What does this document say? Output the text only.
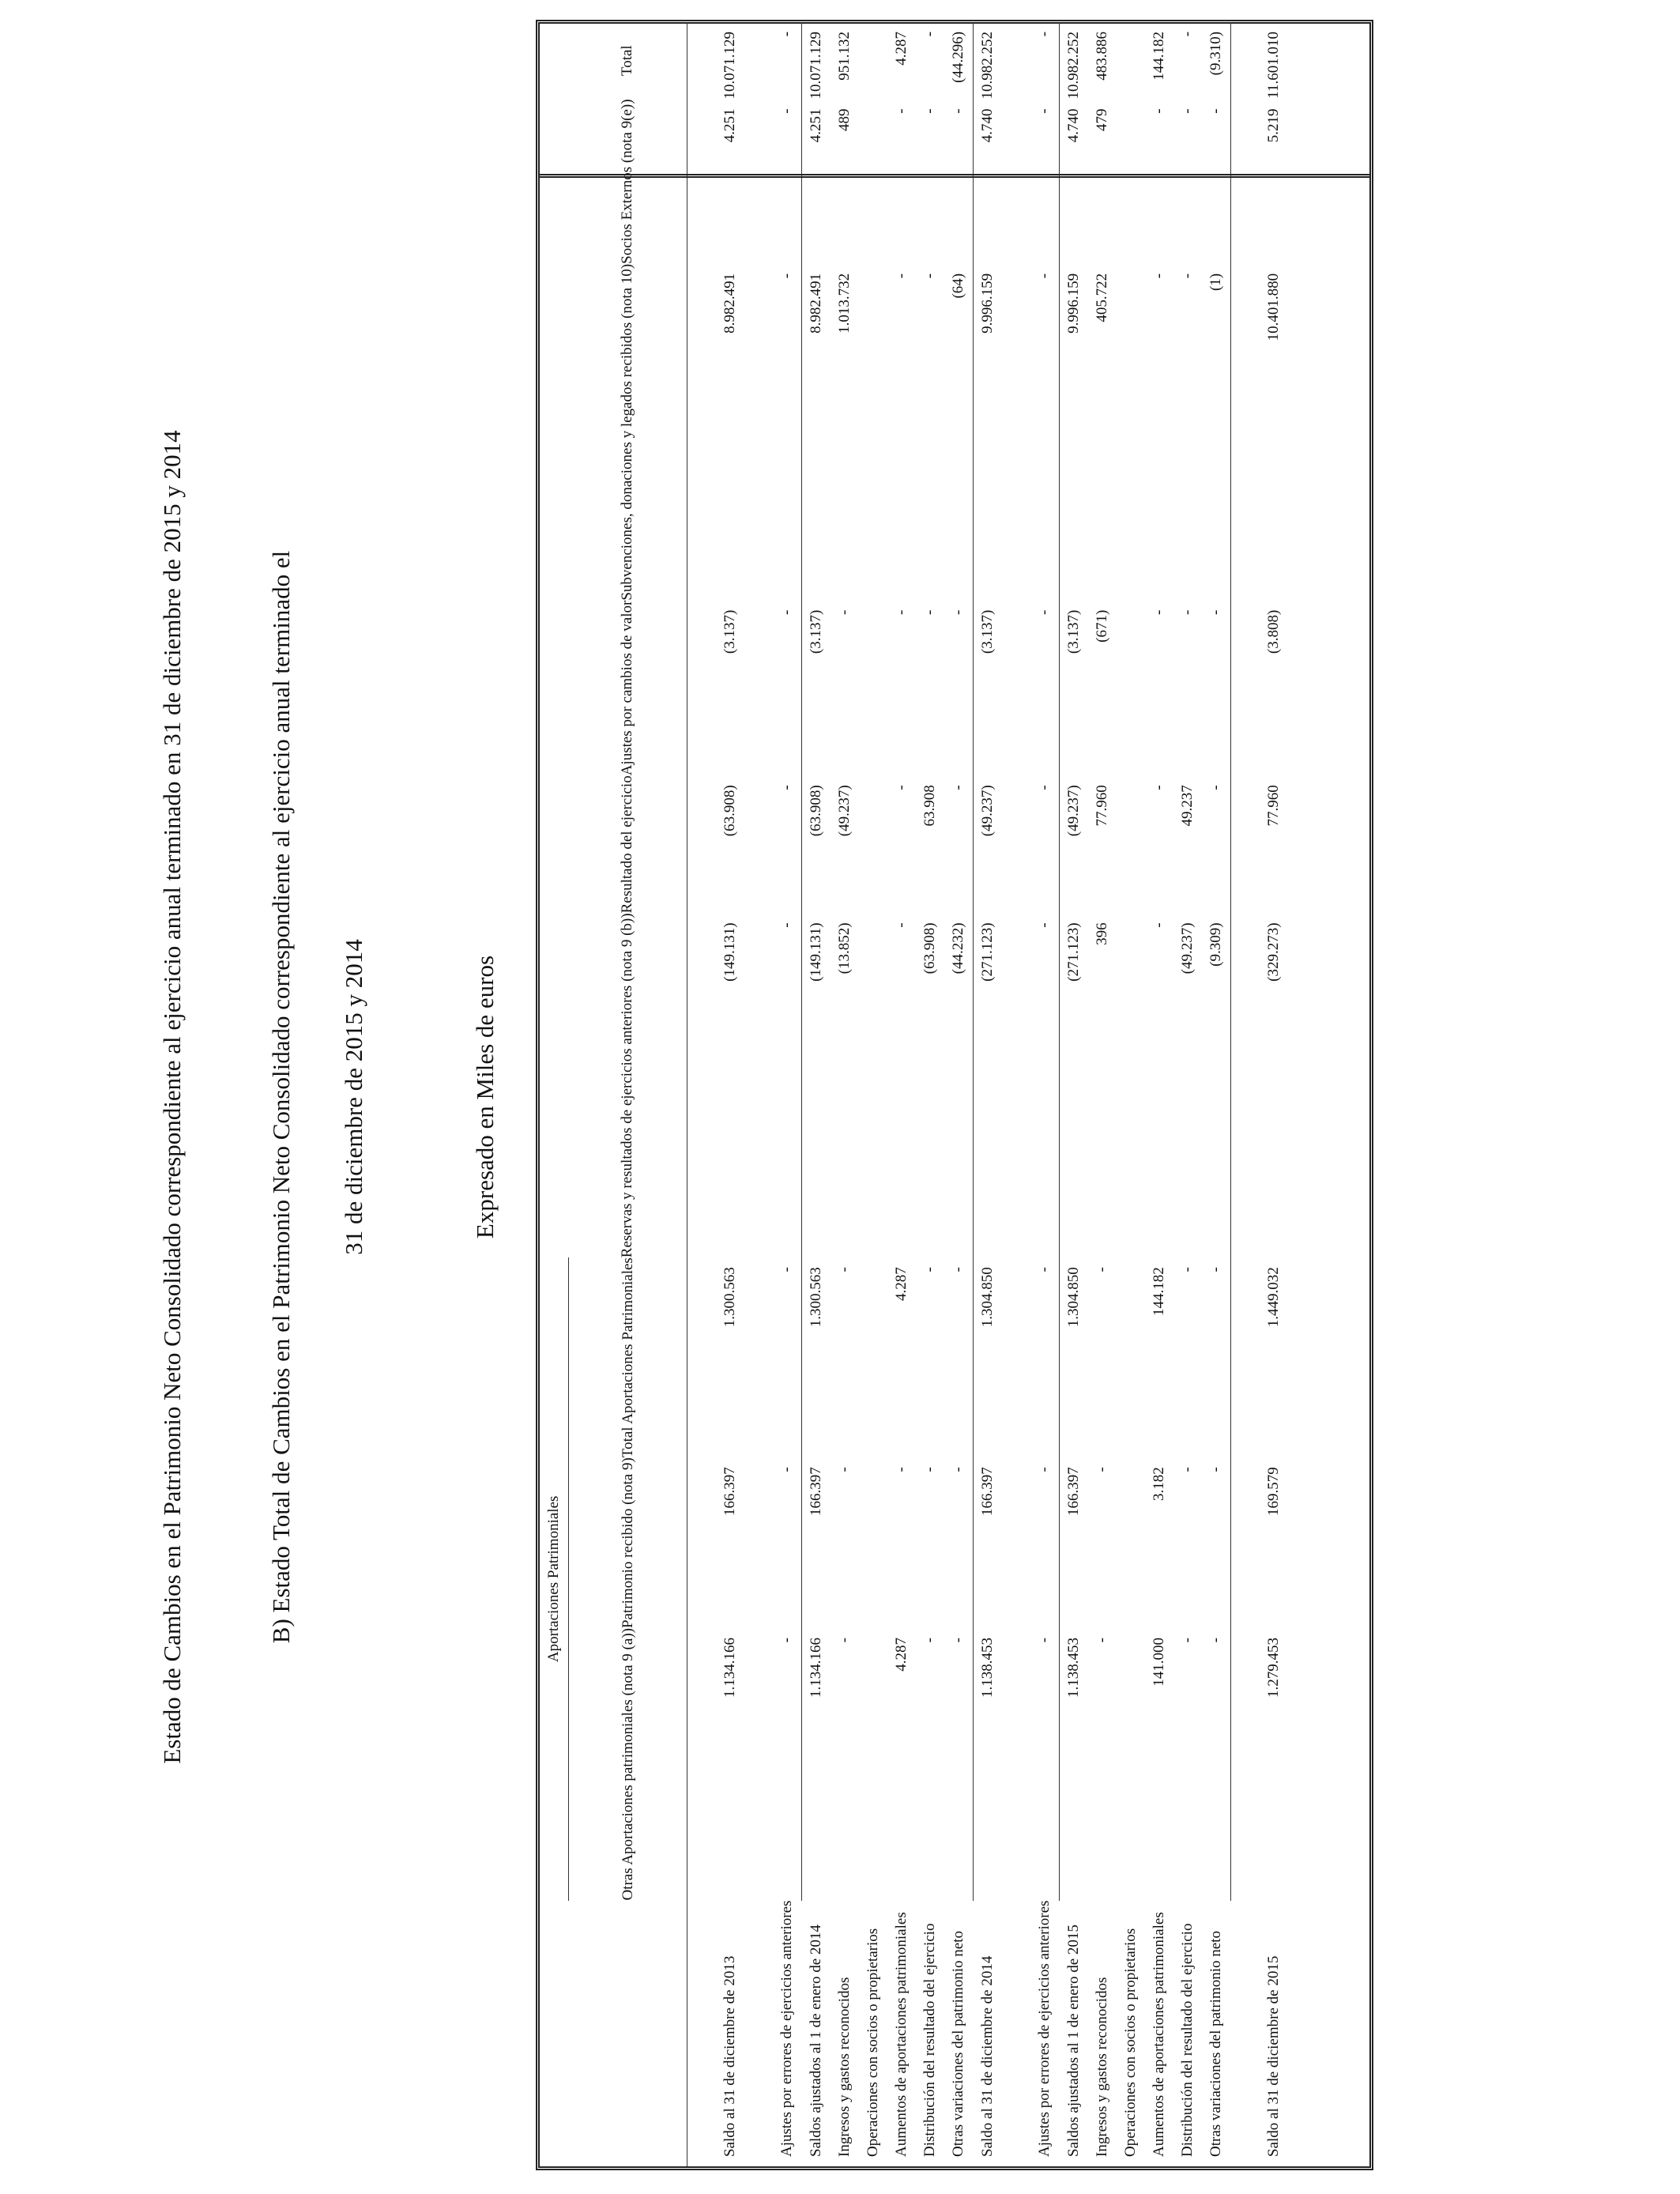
Estado de Cambios en el Patrimonio Neto Consolidado correspondiente al ejercicio anual terminado en 31 de diciembre de 2015 y 2014	B) Estado Total de Cambios en el Patrimonio Neto Consolidado correspondiente al ejercicio anual terminado el 31 de diciembre de 2015 y 2014	Expresado en Miles de euros
	Aportaciones Patrimoniales								
	Otras Aportaciones patrimoniales (nota 9 (a))	Patrimonio recibido (nota 9)	Total Aportaciones Patrimoniales	Reservas y resultados de ejercicios anteriores (nota 9 (b))	Resultado del ejercicio	Ajustes por cambios de valor	Subvenciones, donaciones y legados recibidos (nota 10)	Socios Externos (nota 9(e))	Total

Saldo al 31 de diciembre de 2013	1.134.166	166.397	1.300.563	(149.131)	(63.908)	(3.137)	8.982.491	4.251	10.071.129

Ajustes por errores de ejercicios anteriores	-	-	-	-	-	-	-	-	-
Saldos ajustados al 1 de enero de 2014	1.134.166	166.397	1.300.563	(149.131)	(63.908)	(3.137)	8.982.491	4.251	10.071.129
Ingresos y gastos reconocidos	-	-	-	(13.852)	(49.237)	-	1.013.732	489	951.132
Operaciones con socios o propietarios									
Aumentos de aportaciones patrimoniales	4.287	-	4.287	-	-	-	-	-	4.287
Distribución del resultado del ejercicio	-	-	-	(63.908)	63.908	-	-	-	-
Otras variaciones del patrimonio neto	-	-	-	(44.232)	-	-	(64)	-	(44.296)
Saldo al 31 de diciembre de 2014	1.138.453	166.397	1.304.850	(271.123)	(49.237)	(3.137)	9.996.159	4.740	10.982.252

Ajustes por errores de ejercicios anteriores	-	-	-	-	-	-	-	-	-
Saldos ajustados al 1 de enero de 2015	1.138.453	166.397	1.304.850	(271.123)	(49.237)	(3.137)	9.996.159	4.740	10.982.252
Ingresos y gastos reconocidos	-	-	-	396	77.960	(671)	405.722	479	483.886
Operaciones con socios o propietarios									
Aumentos de aportaciones patrimoniales	141.000	3.182	144.182	-	-	-	-	-	144.182
Distribución del resultado del ejercicio	-	-	-	(49.237)	49.237	-	-	-	-
Otras variaciones del patrimonio neto	-	-	-	(9.309)	-	-	(1)	-	(9.310)

Saldo al 31 de diciembre de 2015	1.279.453	169.579	1.449.032	(329.273)	77.960	(3.808)	10.401.880	5.219	11.601.010
